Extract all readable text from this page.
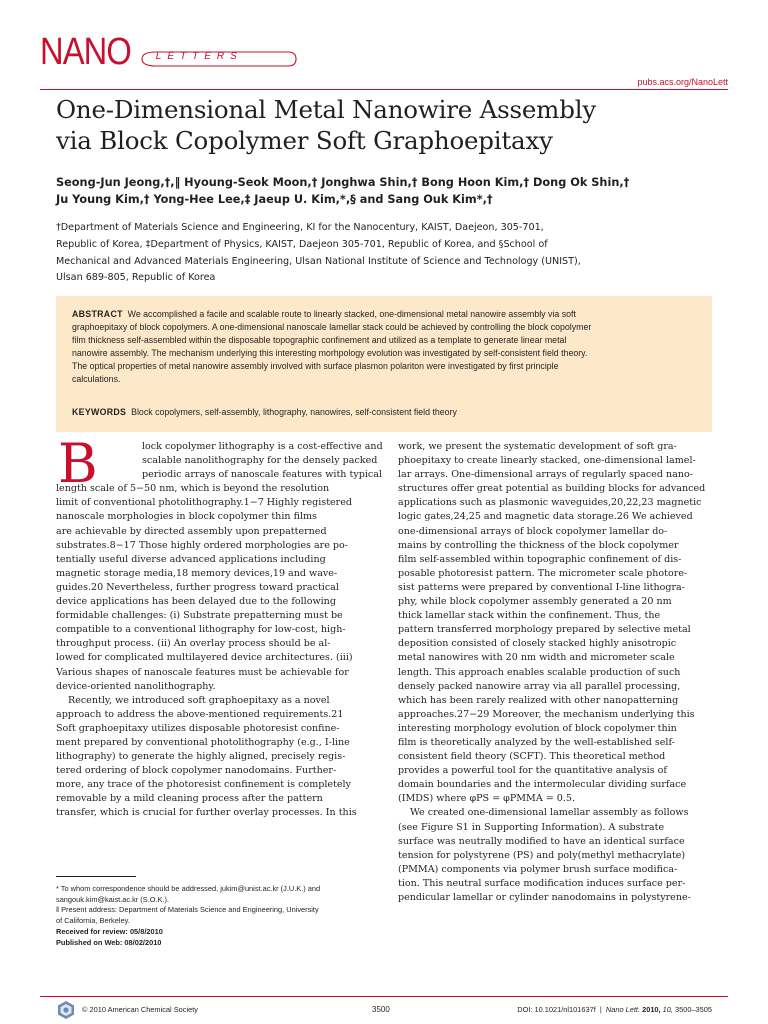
NANO LETTERS
pubs.acs.org/NanoLett
One-Dimensional Metal Nanowire Assembly
via Block Copolymer Soft Graphoepitaxy
Seong-Jun Jeong,†,‖ Hyoung-Seok Moon,† Jonghwa Shin,† Bong Hoon Kim,† Dong Ok Shin,†
Ju Young Kim,† Yong-Hee Lee,‡ Jaeup U. Kim,*,§ and Sang Ouk Kim*,†
†Department of Materials Science and Engineering, KI for the Nanocentury, KAIST, Daejeon, 305-701,
Republic of Korea, ‡Department of Physics, KAIST, Daejeon 305-701, Republic of Korea, and §School of
Mechanical and Advanced Materials Engineering, Ulsan National Institute of Science and Technology (UNIST),
Ulsan 689-805, Republic of Korea
ABSTRACT We accomplished a facile and scalable route to linearly stacked, one-dimensional metal nanowire assembly via soft
graphoepitaxy of block copolymers. A one-dimensional nanoscale lamellar stack could be achieved by controlling the block copolymer
film thickness self-assembled within the disposable topographic confinement and utilized as a template to generate linear metal
nanowire assembly. The mechanism underlying this interesting morhpology evolution was investigated by self-consistent field theory.
The optical properties of metal nanowire assembly involved with surface plasmon polariton were investigated by first principle
calculations.
KEYWORDS Block copolymers, self-assembly, lithography, nanowires, self-consistent field theory
B	lock copolymer lithography is a cost-effective and
scalable nanolithography for the densely packed
periodic arrays of nanoscale features with typical
length scale of 5−50 nm, which is beyond the resolution
limit of conventional photolithography.1−7 Highly registered
nanoscale morphologies in block copolymer thin films
are achievable by directed assembly upon prepatterned
substrates.8−17 Those highly ordered morphologies are po-
tentially useful diverse advanced applications including
magnetic storage media,18 memory devices,19 and wave-
guides.20 Nevertheless, further progress toward practical
device applications has been delayed due to the following
formidable challenges: (i) Substrate prepatterning must be
compatible to a conventional lithography for low-cost, high-
throughput process. (ii) An overlay process should be al-
lowed for complicated multilayered device architectures. (iii)
Various shapes of nanoscale features must be achievable for
device-oriented nanolithography.
Recently, we introduced soft graphoepitaxy as a novel
approach to address the above-mentioned requirements.21
Soft graphoepitaxy utilizes disposable photoresist confine-
ment prepared by conventional photolithography (e.g., I-line
lithography) to generate the highly aligned, precisely regis-
tered ordering of block copolymer nanodomains. Further-
more, any trace of the photoresist confinement is completely
removable by a mild cleaning process after the pattern
transfer, which is crucial for further overlay processes. In this
work, we present the systematic development of soft gra-
phoepitaxy to create linearly stacked, one-dimensional lamel-
lar arrays. One-dimensional arrays of regularly spaced nano-
structures offer great potential as building blocks for advanced
applications such as plasmonic waveguides,20,22,23 magnetic
logic gates,24,25 and magnetic data storage.26 We achieved
one-dimensional arrays of block copolymer lamellar do-
mains by controlling the thickness of the block copolymer
film self-assembled within topographic confinement of dis-
posable photoresist pattern. The micrometer scale photore-
sist patterns were prepared by conventional I-line lithogra-
phy, while block copolymer assembly generated a 20 nm
thick lamellar stack within the confinement. Thus, the
pattern transferred morphology prepared by selective metal
deposition consisted of closely stacked highly anisotropic
metal nanowires with 20 nm width and micrometer scale
length. This approach enables scalable production of such
densely packed nanowire array via all parallel processing,
which has been rarely realized with other nanopatterning
approaches.27−29 Moreover, the mechanism underlying this
interesting morphology evolution of block copolymer thin
film is theoretically analyzed by the well-established self-
consistent field theory (SCFT). This theoretical method
provides a powerful tool for the quantitative analysis of
domain boundaries and the intermolecular dividing surface
(IMDS) where φPS = φPMMA = 0.5.
We created one-dimensional lamellar assembly as follows
(see Figure S1 in Supporting Information). A substrate
surface was neutrally modified to have an identical surface
tension for polystyrene (PS) and poly(methyl methacrylate)
(PMMA) components via polymer brush surface modifica-
tion. This neutral surface modification induces surface per-
pendicular lamellar or cylinder nanodomains in polystyrene-
* To whom correspondence should be addressed, jukim@unist.ac.kr (J.U.K.) and
sangouk.kim@kaist.ac.kr (S.O.K.).
‖ Present address: Department of Materials Science and Engineering, University
of California, Berkeley.
Received for review: 05/8/2010
Published on Web: 08/02/2010
© 2010 American Chemical Society	3500	DOI: 10.1021/nl101637f  |  Nano Lett. 2010, 10, 3500–3505
